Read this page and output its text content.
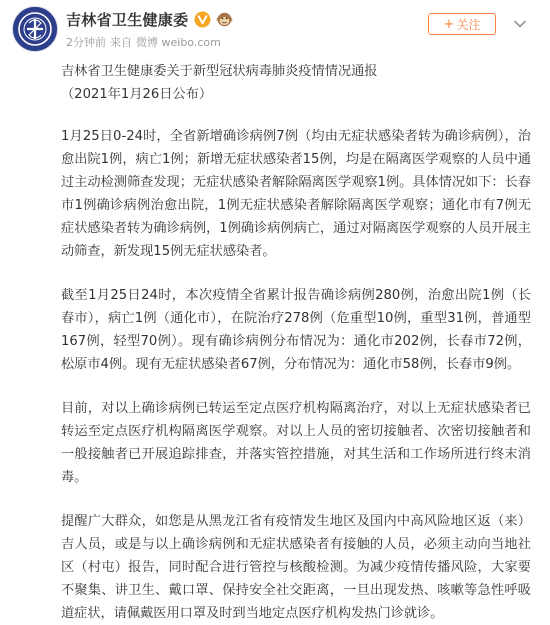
吉林省卫生健康委
2分钟前 来自 微博 weibo.com
+ 关注

吉林省卫生健康委关于新型冠状病毒肺炎疫情情况通报

（2021年1月26日公布）

1月25日0-24时，全省新增确诊病例7例（均由无症状感染者转为确诊病例），治愈出院1例，病亡1例；新增无症状感染者15例，均是在隔离医学观察的人员中通过主动检测筛查发现；无症状感染者解除隔离医学观察1例。具体情况如下：长春市1例确诊病例治愈出院，1例无症状感染者解除隔离医学观察；通化市有7例无症状感染者转为确诊病例，1例确诊病例病亡，通过对隔离医学观察的人员开展主动筛查，新发现15例无症状感染者。

截至1月25日24时，本次疫情全省累计报告确诊病例280例，治愈出院1例（长春市），病亡1例（通化市），在院治疗278例（危重型10例，重型31例，普通型167例，轻型70例）。现有确诊病例分布情况为：通化市202例，长春市72例，松原市4例。现有无症状感染者67例，分布情况为：通化市58例，长春市9例。

目前，对以上确诊病例已转运至定点医疗机构隔离治疗，对以上无症状感染者已转运至定点医疗机构隔离医学观察。对以上人员的密切接触者、次密切接触者和一般接触者已开展追踪排查，并落实管控措施，对其生活和工作场所进行终末消毒。

提醒广大群众，如您是从黑龙江省有疫情发生地区及国内中高风险地区返（来）吉人员，或是与以上确诊病例和无症状感染者有接触的人员，必须主动向当地社区（村屯）报告，同时配合进行管控与核酸检测。为减少疫情传播风险，大家要不聚集、讲卫生、戴口罩、保持安全社交距离，一旦出现发热、咳嗽等急性呼吸道症状，请佩戴医用口罩及时到当地定点医疗机构发热门诊就诊。
